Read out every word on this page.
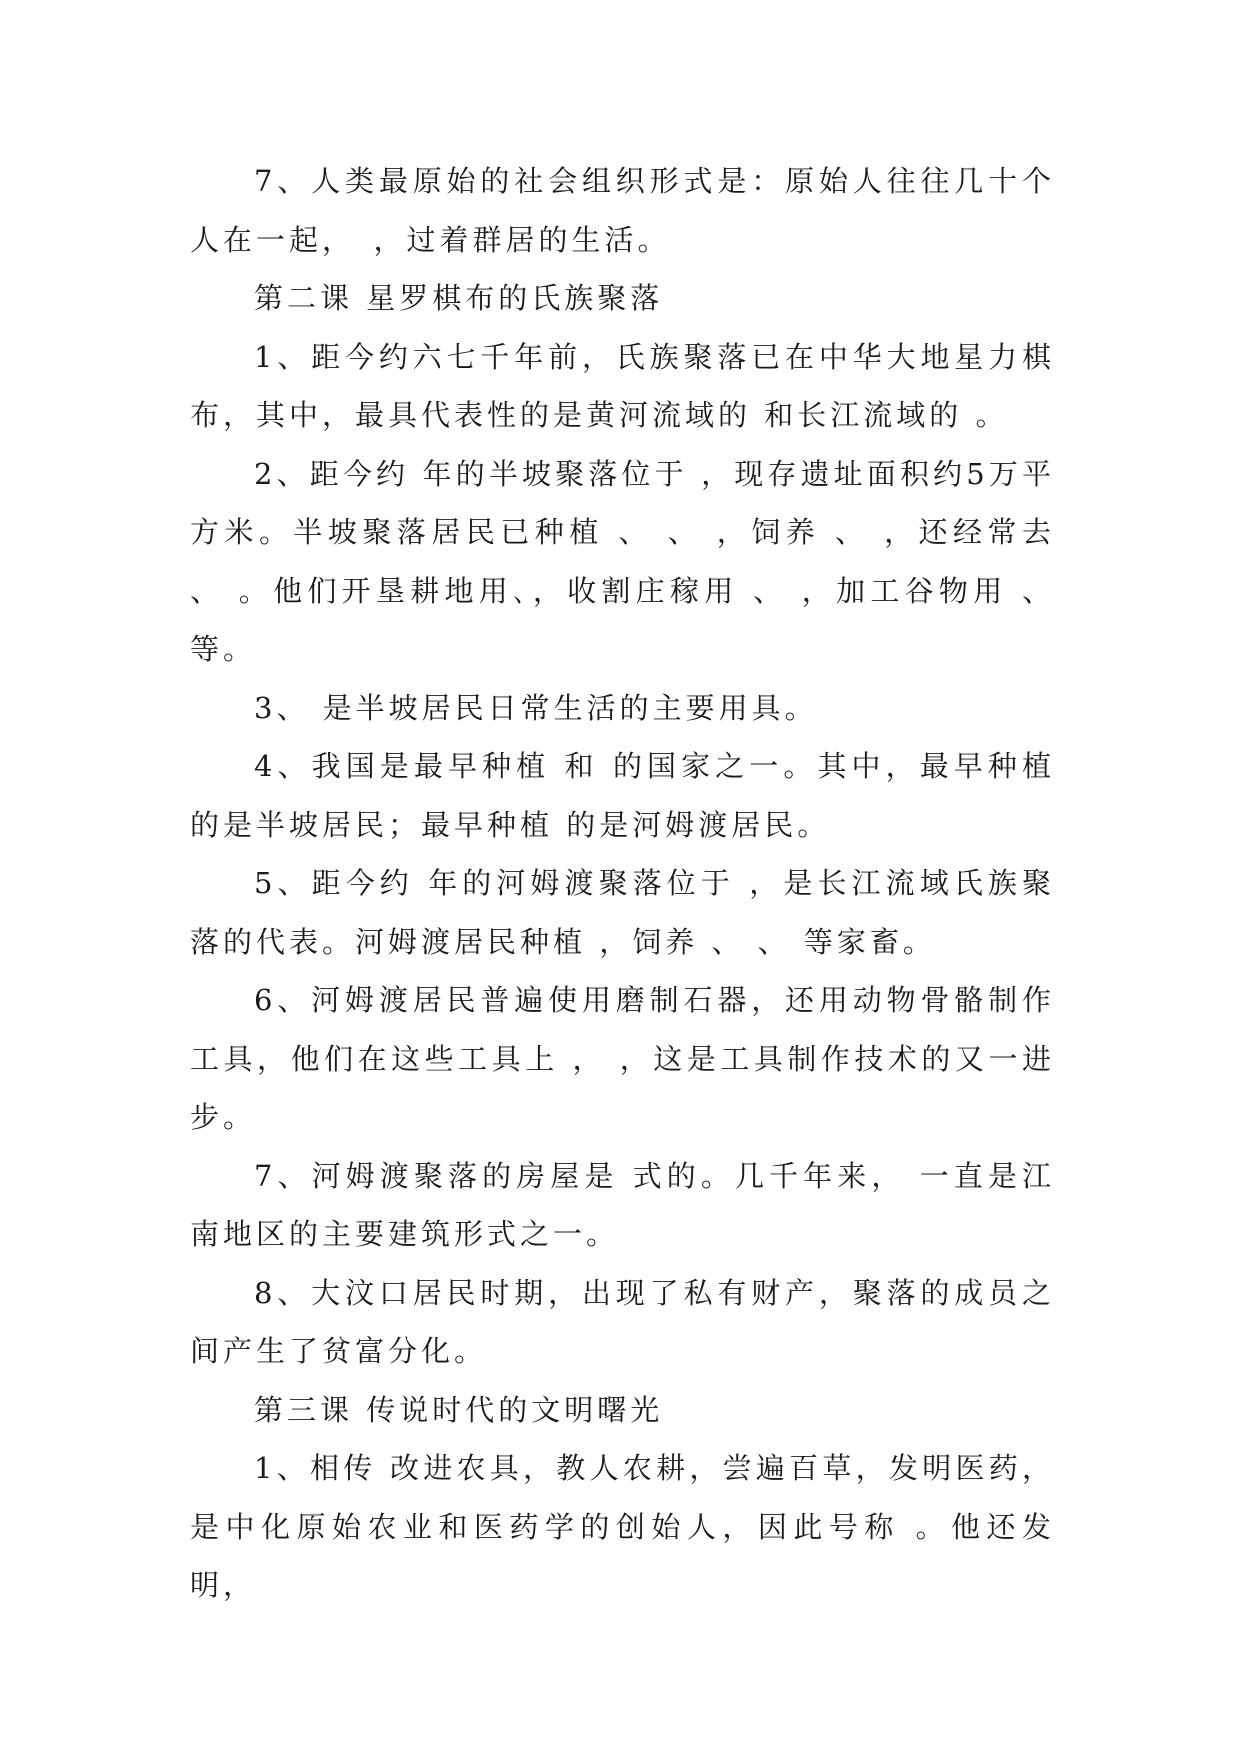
7、人类最原始的社会组织形式是：原始人往往几十个人在一起，　，过着群居的生活。

第二课 星罗棋布的氏族聚落

1、距今约六七千年前，氏族聚落已在中华大地星力棋布，其中，最具代表性的是黄河流域的 和长江流域的 。

2、距今约 年的半坡聚落位于 ，现存遗址面积约5万平方米。半坡聚落居民已种植 、 、 ，饲养 、 ，还经常去 、 。他们开垦耕地用､，收割庄稼用 、 ，加工谷物用 、等。

3、 是半坡居民日常生活的主要用具。

4、我国是最早种植 和 的国家之一。其中，最早种植的是半坡居民；最早种植 的是河姆渡居民。

5、距今约 年的河姆渡聚落位于 ，是长江流域氏族聚落的代表。河姆渡居民种植 ，饲养 、 、 等家畜。

6、河姆渡居民普遍使用磨制石器，还用动物骨骼制作工具，他们在这些工具上 ， ，这是工具制作技术的又一进步。

7、河姆渡聚落的房屋是 式的。几千年来， 一直是江南地区的主要建筑形式之一。

8、大汶口居民时期，出现了私有财产，聚落的成员之间产生了贫富分化。

第三课 传说时代的文明曙光

1、相传 改进农具，教人农耕，尝遍百草，发明医药，是中化原始农业和医药学的创始人，因此号称 。他还发明，
